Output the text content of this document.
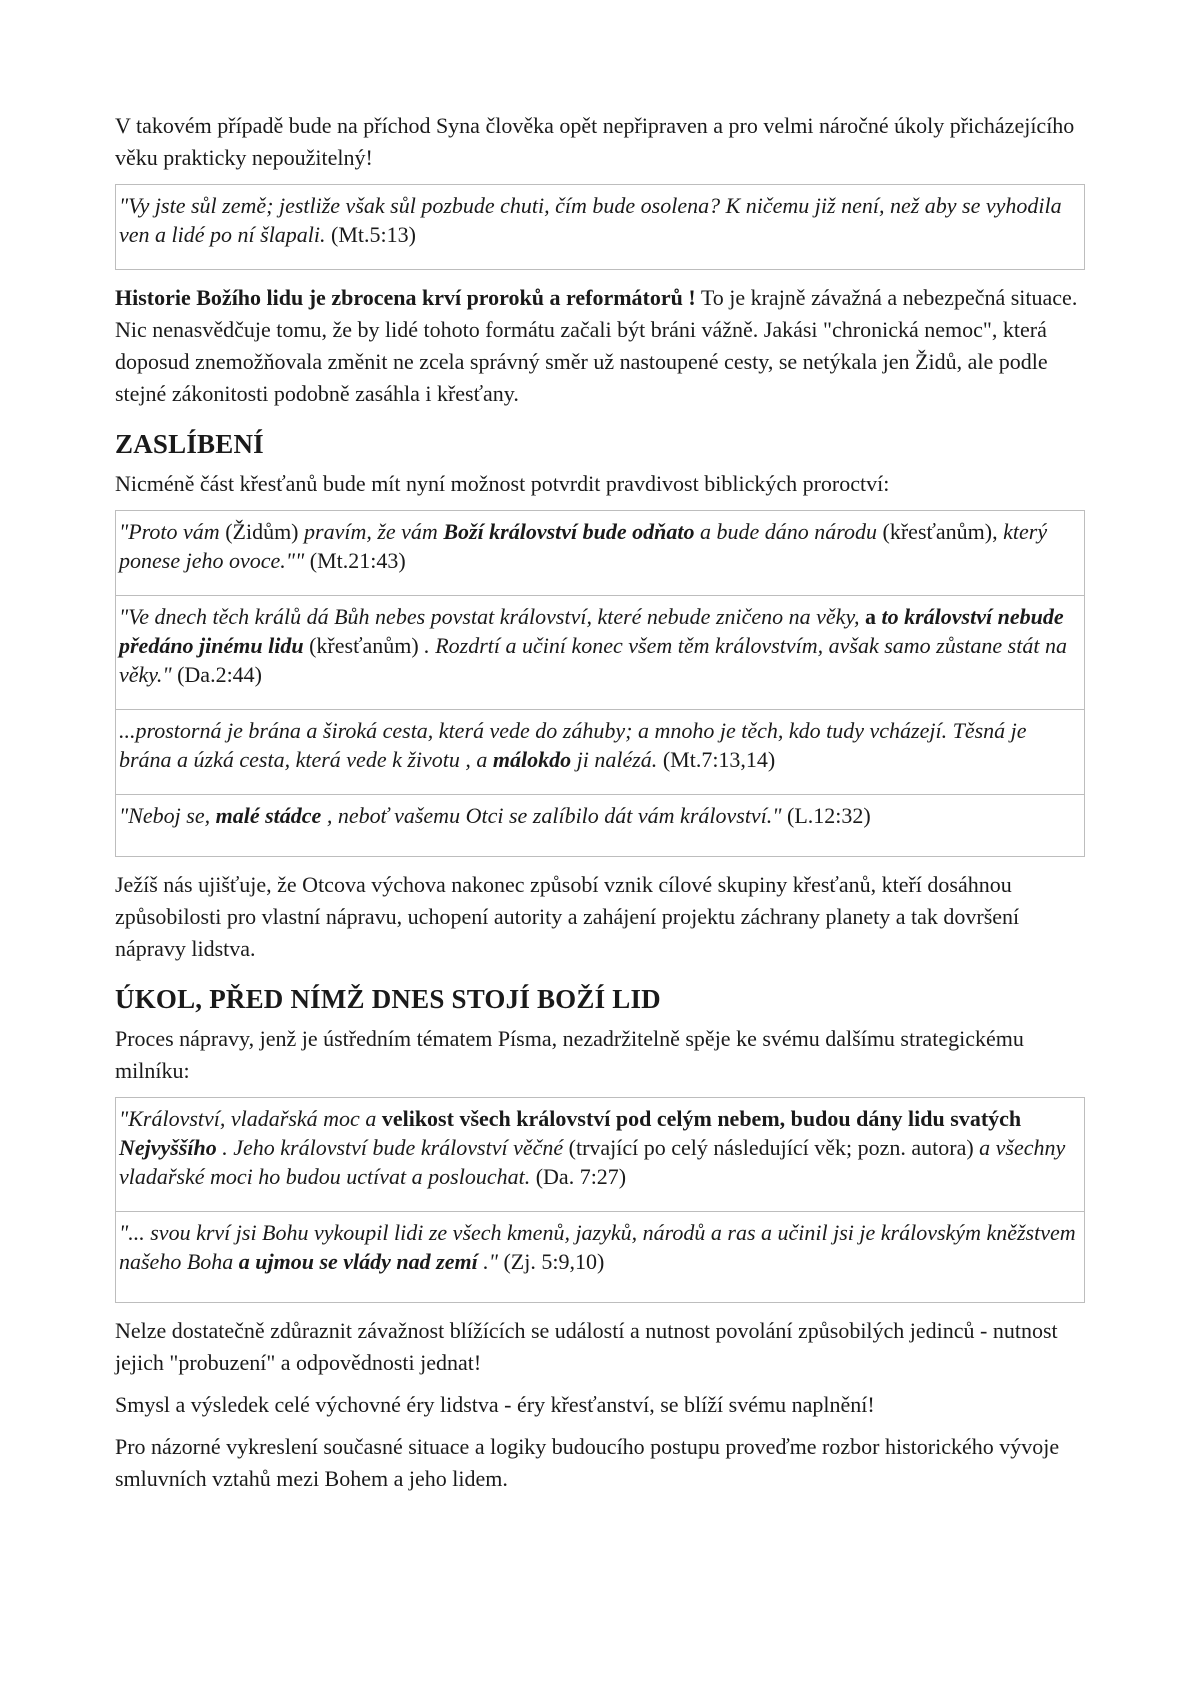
V takovém případě bude na příchod Syna člověka opět nepřipraven a pro velmi náročné úkoly přicházejícího věku prakticky nepoužitelný!

"Vy jste sůl země; jestliže však sůl pozbude chuti, čím bude osolena? K ničemu již není, než aby se vyhodila ven a lidé po ní šlapali. (Mt.5:13)

Historie Božího lidu je zbrocena krví proroků a reformátorů ! To je krajně závažná a nebezpečná situace. Nic nenasvědčuje tomu, že by lidé tohoto formátu začali být bráni vážně. Jakási "chronická nemoc", která doposud znemožňovala změnit ne zcela správný směr už nastoupené cesty, se netýkala jen Židů, ale podle stejné zákonitosti podobně zasáhla i křesťany.

ZASLÍBENÍ

Nicméně část křesťanů bude mít nyní možnost potvrdit pravdivost biblických proroctví:

"Proto vám (Židům) pravím, že vám Boží království bude odňato a bude dáno národu (křesťanům), který ponese jeho ovoce."" (Mt.21:43)
"Ve dnech těch králů dá Bůh nebes povstat království, které nebude zničeno na věky, a to království nebude předáno jinému lidu (křesťanům) . Rozdrtí a učiní konec všem těm královstvím, avšak samo zůstane stát na věky." (Da.2:44)
...prostorná je brána a široká cesta, která vede do záhuby; a mnoho je těch, kdo tudy vcházejí. Těsná je brána a úzká cesta, která vede k životu , a málokdo ji nalézá. (Mt.7:13,14)
"Neboj se, malé stádce , neboť vašemu Otci se zalíbilo dát vám království." (L.12:32)

Ježíš nás ujišťuje, že Otcova výchova nakonec způsobí vznik cílové skupiny křesťanů, kteří dosáhnou způsobilosti pro vlastní nápravu, uchopení autority a zahájení projektu záchrany planety a tak dovršení nápravy lidstva.

ÚKOL, PŘED NÍMŽ DNES STOJÍ BOŽÍ LID

Proces nápravy, jenž je ústředním tématem Písma, nezadržitelně spěje ke svému dalšímu strategickému milníku:

"Království, vladařská moc a velikost všech království pod celým nebem, budou dány lidu svatých Nejvyššího . Jeho království bude království věčné (trvající po celý následující věk; pozn. autora) a všechny vladařské moci ho budou uctívat a poslouchat. (Da. 7:27)
"... svou krví jsi Bohu vykoupil lidi ze všech kmenů, jazyků, národů a ras a učinil jsi je královským kněžstvem našeho Boha a ujmou se vlády nad zemí ." (Zj. 5:9,10)

Nelze dostatečně zdůraznit závažnost blížících se událostí a nutnost povolání způsobilých jedinců - nutnost jejich "probuzení" a odpovědnosti jednat!

Smysl a výsledek celé výchovné éry lidstva - éry křesťanství, se blíží svému naplnění!

Pro názorné vykreslení současné situace a logiky budoucího postupu proveďme rozbor historického vývoje smluvních vztahů mezi Bohem a jeho lidem.
